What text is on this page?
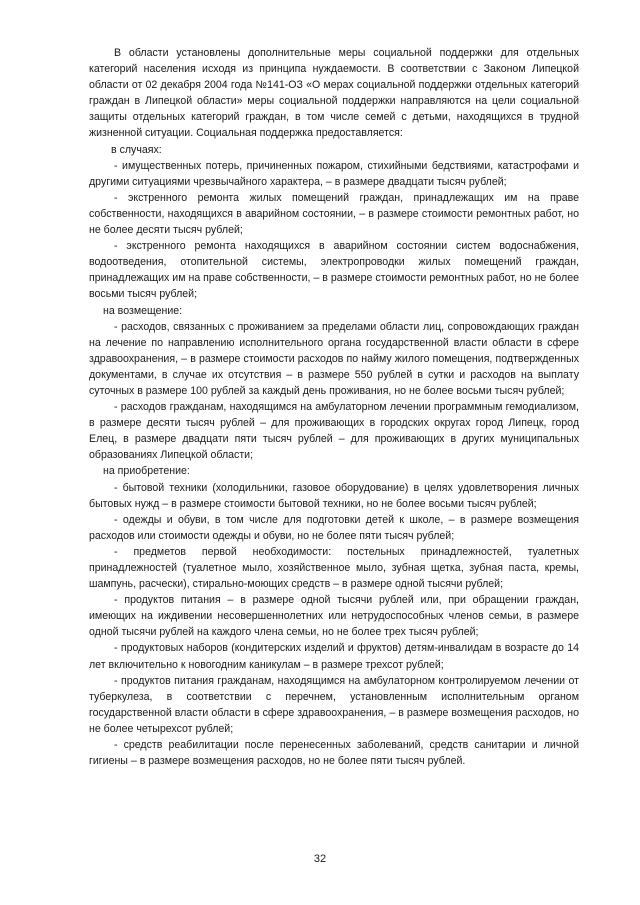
В области установлены дополнительные меры социальной поддержки для отдельных категорий населения исходя из принципа нуждаемости. В соответствии с Законом Липецкой области от 02 декабря 2004 года №141-ОЗ «О мерах социальной поддержки отдельных категорий граждан в Липецкой области» меры социальной поддержки направляются на цели социальной защиты отдельных категорий граждан, в том числе семей с детьми, находящихся в трудной жизненной ситуации. Социальная поддержка предоставляется:

в случаях:

- имущественных потерь, причиненных пожаром, стихийными бедствиями, катастрофами и другими ситуациями чрезвычайного характера, – в размере двадцати тысяч рублей;

- экстренного ремонта жилых помещений граждан, принадлежащих им на праве собственности, находящихся в аварийном состоянии, – в размере стоимости ремонтных работ, но не более десяти тысяч рублей;

- экстренного ремонта находящихся в аварийном состоянии систем водоснабжения, водоотведения, отопительной системы, электропроводки жилых помещений граждан, принадлежащих им на праве собственности, – в размере стоимости ремонтных работ, но не более восьми тысяч рублей;

на возмещение:

- расходов, связанных с проживанием за пределами области лиц, сопровождающих граждан на лечение по направлению исполнительного органа государственной власти области в сфере здравоохранения, – в размере стоимости расходов по найму жилого помещения, подтвержденных документами, в случае их отсутствия – в размере 550 рублей в сутки и расходов на выплату суточных в размере 100 рублей за каждый день проживания, но не более восьми тысяч рублей;

- расходов гражданам, находящимся на амбулаторном лечении программным гемодиализом, в размере десяти тысяч рублей – для проживающих в городских округах город Липецк, город Елец, в размере двадцати пяти тысяч рублей – для проживающих в других муниципальных образованиях Липецкой области;

на приобретение:

- бытовой техники (холодильники, газовое оборудование) в целях удовлетворения личных бытовых нужд – в размере стоимости бытовой техники, но не более восьми тысяч рублей;

- одежды и обуви, в том числе для подготовки детей к школе, – в размере возмещения расходов или стоимости одежды и обуви, но не более пяти тысяч рублей;

- предметов первой необходимости: постельных принадлежностей, туалетных принадлежностей (туалетное мыло, хозяйственное мыло, зубная щетка, зубная паста, кремы, шампунь, расчески), стирально-моющих средств – в размере одной тысячи рублей;

- продуктов питания – в размере одной тысячи рублей или, при обращении граждан, имеющих на иждивении несовершеннолетних или нетрудоспособных членов семьи, в размере одной тысячи рублей на каждого члена семьи, но не более трех тысяч рублей;

- продуктовых наборов (кондитерских изделий и фруктов) детям-инвалидам в возрасте до 14 лет включительно к новогодним каникулам – в размере трехсот рублей;

- продуктов питания гражданам, находящимся на амбулаторном контролируемом лечении от туберкулеза, в соответствии с перечнем, установленным исполнительным органом государственной власти области в сфере здравоохранения, – в размере возмещения расходов, но не более четырехсот рублей;

- средств реабилитации после перенесенных заболеваний, средств санитарии и личной гигиены – в размере возмещения расходов, но не более пяти тысяч рублей.

32
